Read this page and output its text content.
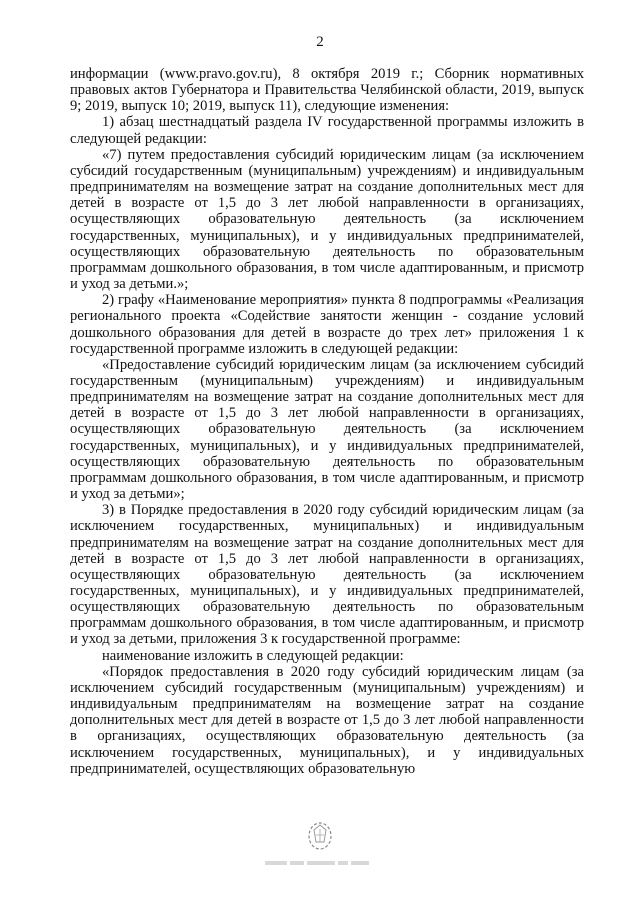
2

информации (www.pravo.gov.ru), 8 октября 2019 г.; Сборник нормативных правовых актов Губернатора и Правительства Челябинской области, 2019, выпуск 9; 2019, выпуск 10; 2019, выпуск 11), следующие изменения:

1) абзац шестнадцатый раздела IV государственной программы изложить в следующей редакции:

«7) путем предоставления субсидий юридическим лицам (за исключением субсидий государственным (муниципальным) учреждениям) и индивидуальным предпринимателям на возмещение затрат на создание дополнительных мест для детей в возрасте от 1,5 до 3 лет любой направленности в организациях, осуществляющих образовательную деятельность (за исключением государственных, муниципальных), и у индивидуальных предпринимателей, осуществляющих образовательную деятельность по образовательным программам дошкольного образования, в том числе адаптированным, и присмотр и уход за детьми.»;

2) графу «Наименование мероприятия» пункта 8 подпрограммы «Реализация регионального проекта «Содействие занятости женщин - создание условий дошкольного образования для детей в возрасте до трех лет» приложения 1 к государственной программе изложить в следующей редакции:

«Предоставление субсидий юридическим лицам (за исключением субсидий государственным (муниципальным) учреждениям) и индивидуальным предпринимателям на возмещение затрат на создание дополнительных мест для детей в возрасте от 1,5 до 3 лет любой направленности в организациях, осуществляющих образовательную деятельность (за исключением государственных, муниципальных), и у индивидуальных предпринимателей, осуществляющих образовательную деятельность по образовательным программам дошкольного образования, в том числе адаптированным, и присмотр и уход за детьми»;

3) в Порядке предоставления в 2020 году субсидий юридическим лицам (за исключением государственных, муниципальных) и индивидуальным предпринимателям на возмещение затрат на создание дополнительных мест для детей в возрасте от 1,5 до 3 лет любой направленности в организациях, осуществляющих образовательную деятельность (за исключением государственных, муниципальных), и у индивидуальных предпринимателей, осуществляющих образовательную деятельность по образовательным программам дошкольного образования, в том числе адаптированным, и присмотр и уход за детьми, приложения 3 к государственной программе:

наименование изложить в следующей редакции:

«Порядок предоставления в 2020 году субсидий юридическим лицам (за исключением субсидий государственным (муниципальным) учреждениям) и индивидуальным предпринимателям на возмещение затрат на создание дополнительных мест для детей в возрасте от 1,5 до 3 лет любой направленности в организациях, осуществляющих образовательную деятельность (за исключением государственных, муниципальных), и у индивидуальных предпринимателей, осуществляющих образовательную
